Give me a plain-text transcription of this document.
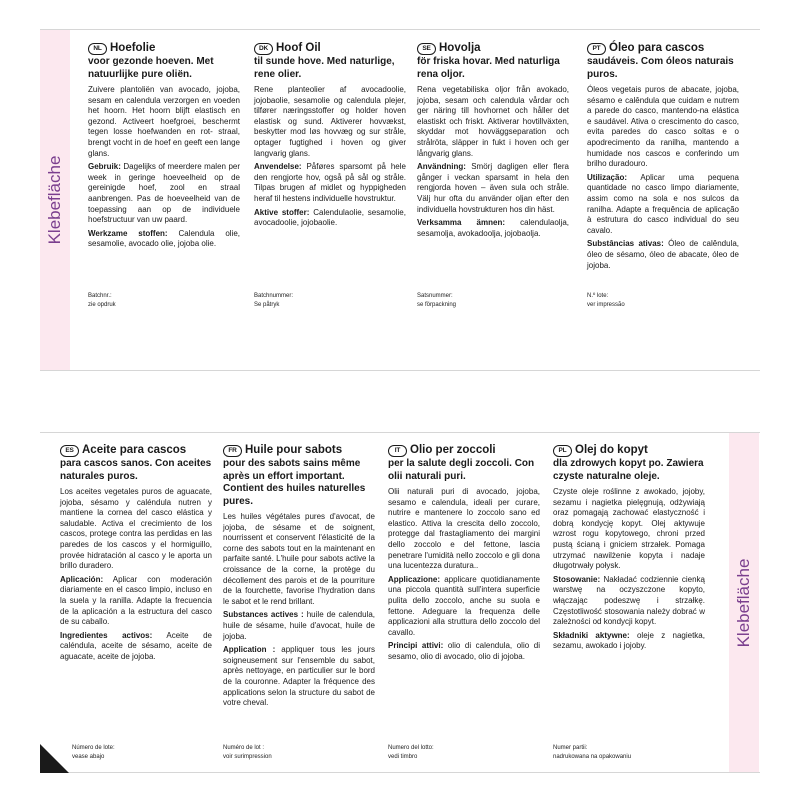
Klebefläche
Klebefläche
NL Hoefolie
voor gezonde hoeven. Met natuurlijke pure oliën.

Zuivere plantoliën van avocado, jojoba, sesam en calendula verzorgen en voeden het hoorn. Het hoorn blijft elastisch en gezond. Activeert hoefgroei, beschermt tegen losse hoefwanden en rot- straal, brengt vocht in de hoef en geeft een lange glans.

Gebruik: Dagelijks of meerdere malen per week in geringe hoeveelheid op de gereinigde hoef, zool en straal aanbrengen. Pas de hoeveelheid van de toepassing aan op de individuele hoefstructuur van uw paard.

Werkzame stoffen: Calendula olie, sesamolie, avocado olie, jojoba olie.

Batchnr.:
zie opdruk
DK Hoof Oil
til sunde hove. Med naturlige, rene olier.

Rene planteolier af avocadoolie, jojobaolie, sesamolie og calendula plejer, tilfører næringsstoffer og holder hoven elastisk og sund. Aktiverer hovvækst, beskytter mod løs hovvæg og sur stråle, optager fugtighed i hoven og giver langvarig glans.

Anvendelse: Påføres sparsomt på hele den rengjorte hov, også på sål og stråle. Tilpas brugen af midlet og hyppigheden heraf til hestens individuelle hovstruktur.

Aktive stoffer: Calendulaolie, sesamolie, avocadoolie, jojobaolie.

Batchnummer:
Se påtryk
SE Hovolja
för friska hovar. Med naturliga rena oljor.

Rena vegetabiliska oljor från avokado, jojoba, sesam och calendula vårdar och ger näring till hovhornet och håller det elastiskt och friskt. Aktiverar hovtillväxten, skyddar mot hovväggseparation och strålröta, släpper in fukt i hoven och ger långvarig glans.

Användning: Smörj dagligen eller flera gånger i veckan sparsamt in hela den rengjorda hoven – även sula och stråle. Välj hur ofta du använder oljan efter den individuella hovstrukturen hos din häst.

Verksamma ämnen: calendulaolja, sesamolja, avokadoolja, jojobaolja.

Satsnummer:
se förpackning
PT Óleo para cascos
saudáveis. Com óleos naturais puros.

Óleos vegetais puros de abacate, jojoba, sésamo e calêndula que cuidam e nutrem a parede do casco, mantendo-na elástica e saudável. Ativa o crescimento do casco, evita paredes do casco soltas e o apodrecimento da ranilha, mantendo a humidade nos cascos e conferindo um brilho duradouro.

Utilização: Aplicar uma pequena quantidade no casco limpo diariamente, assim como na sola e nos sulcos da ranilha. Adapte a frequência de aplicação à estrutura do casco individual do seu cavalo.

Substâncias ativas: Óleo de calêndula, óleo de sésamo, óleo de abacate, óleo de jojoba.

N.º lote:
ver impressão
ES Aceite para cascos
para cascos sanos. Con aceites naturales puros.

Los aceites vegetales puros de aguacate, jojoba, sésamo y caléndula nutren y mantiene la cornea del casco elástica y saludable. Activa el crecimiento de los cascos, protege contra las perdidas en las paredes de los cascos y el hormiguillo, provée hidratación al casco y le aporta un brillo duradero.

Aplicación: Aplicar con moderación diariamente en el casco limpio, incluso en la suela y la ranilla. Adapte la frecuencia de la aplicación a la estructura del casco de su caballo.

Ingredientes activos: Aceite de caléndula, aceite de sésamo, aceite de aguacate, aceite de jojoba.

Número de lote:
vease abajo
FR Huile pour sabots
pour des sabots sains même après un effort important. Contient des huiles naturelles pures.

Les huiles végétales pures d'avocat, de jojoba, de sésame et de soignent, nourrissent et conservent l'élasticité de la corne des sabots tout en la maintenant en parfaite santé. L'huile pour sabots active la croissance de la corne, la protège du décollement des parois et de la pourriture de la fourchette, favorise l'hydration dans le sabot et le rend brillant.

Substances actives : huile de calendula, huile de sésame, huile d'avocat, huile de jojoba.

Application : appliquer tous les jours soigneusement sur l'ensemble du sabot, après nettoyage, en particulier sur le bord de la couronne. Adapter la fréquence des applications selon la structure du sabot de votre cheval.

Numéro de lot :
voir surimpression
IT Olio per zoccoli
per la salute degli zoccoli. Con olii naturali puri.

Olii naturali puri di avocado, jojoba, sesamo e calendula, ideali per curare, nutrire e mantenere lo zoccolo sano ed elastico. Attiva la crescita dello zoccolo, protegge dal frastagliamento dei margini dello zoccolo e del fettone, lascia penetrare l'umidità nello zoccolo e gli dona una lucentezza duratura..

Applicazione: applicare quotidianamente una piccola quantità sull'intera superficie pulita dello zoccolo, anche su suola e fettone. Adeguare la frequenza delle applicazioni alla struttura dello zoccolo del cavallo.

Principi attivi: olio di calendula, olio di sesamo, olio di avocado, olio di jojoba.

Numero del lotto:
vedi timbro
PL Olej do kopyt
dla zdrowych kopyt po. Zawiera czyste naturalne oleje.

Czyste oleje roślinne z awokado, jojoby, sezamu i nagietka pielęgnują, odżywiają oraz pomagają zachować elastyczność i dobrą kondycję kopyt. Olej aktywuje wzrost rogu kopytowego, chroni przed pustą ścianą i gniciem strzałek. Pomaga utrzymać nawilżenie kopyta i nadaje długotrwały połysk.

Stosowanie: Nakładać codziennie cienką warstwę na oczyszczone kopyto, włączając podeszwę i strzałkę. Częstotliwość stosowania należy dobrać w zależności od kondycji kopyt.

Składniki aktywne: oleje z nagietka, sezamu, awokado i jojoby.

Numer partii:
nadrukowana na opakowaniu
